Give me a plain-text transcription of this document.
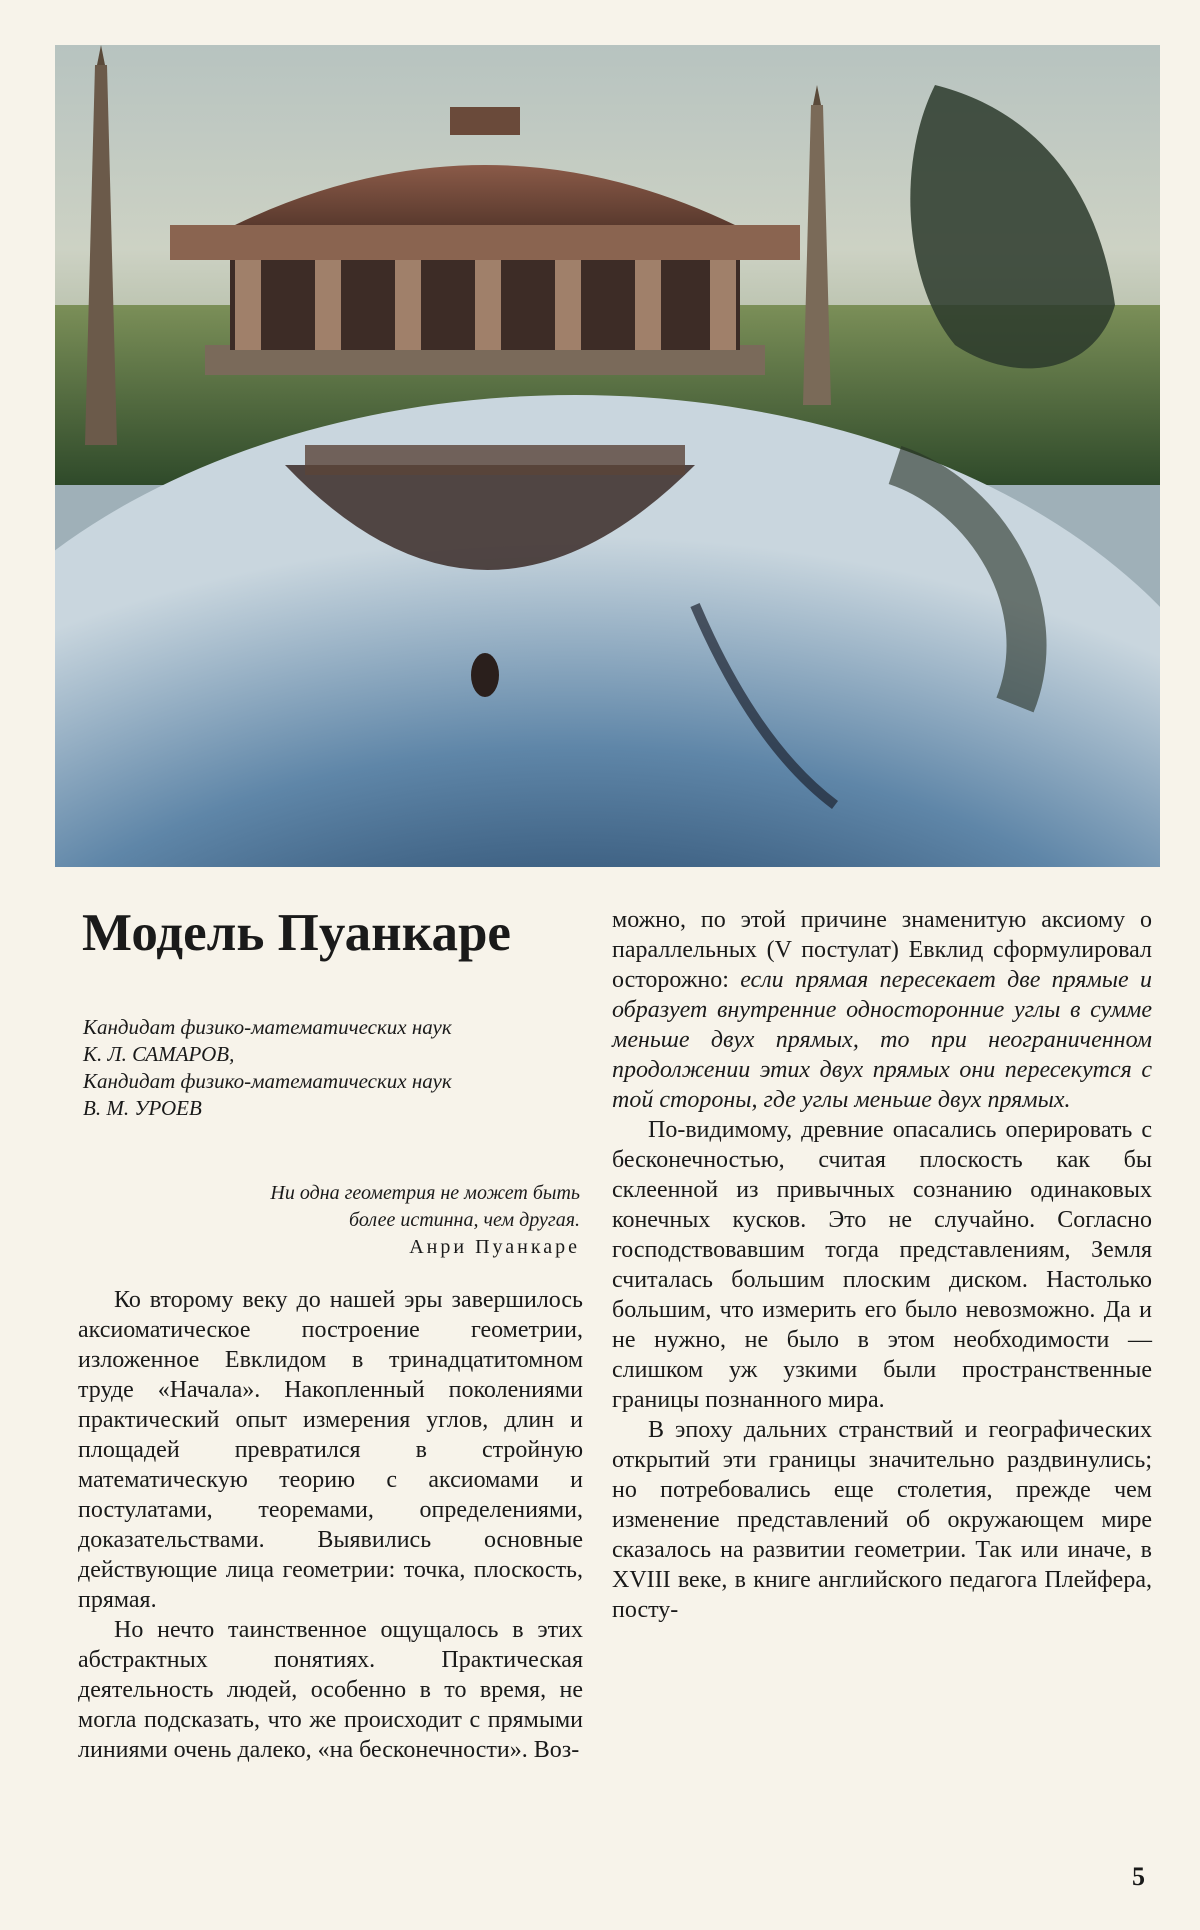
Модель Пуанкаре
Кандидат физико-математических наук
К. Л. САМАРОВ,
Кандидат физико-математических наук
В. М. УРОЕВ
Ни одна геометрия не может быть
более истинна, чем другая.
Анри Пуанкаре

Ко второму веку до нашей эры завершилось аксиоматическое построение геометрии, изложенное Евклидом в тринадцатитомном труде «Начала». Накопленный поколениями практический опыт измерения углов, длин и площадей превратился в стройную математическую теорию с аксиомами и постулатами, теоремами, определениями, доказательствами. Выявились основные действующие лица геометрии: точка, плоскость, прямая.

Но нечто таинственное ощущалось в этих абстрактных понятиях. Практическая деятельность людей, особенно в то время, не могла подсказать, что же происходит с прямыми линиями очень далеко, «на бесконечности». Воз-

можно, по этой причине знаменитую аксиому о параллельных (V постулат) Евклид сформулировал осторожно: если прямая пересекает две прямые и образует внутренние односторонние углы в сумме меньше двух прямых, то при неограниченном продолжении этих двух прямых они пересекутся с той стороны, где углы меньше двух прямых.

По-видимому, древние опасались оперировать с бесконечностью, считая плоскость как бы склеенной из привычных сознанию одинаковых конечных кусков. Это не случайно. Согласно господствовавшим тогда представлениям, Земля считалась большим плоским диском. Настолько большим, что измерить его было невозможно. Да и не нужно, не было в этом необходимости — слишком уж узкими были пространственные границы познанного мира.

В эпоху дальних странствий и географических открытий эти границы значительно раздвинулись; но потребовались еще столетия, прежде чем изменение представлений об окружающем мире сказалось на развитии геометрии. Так или иначе, в XVIII веке, в книге английского педагога Плейфера, посту-

5
